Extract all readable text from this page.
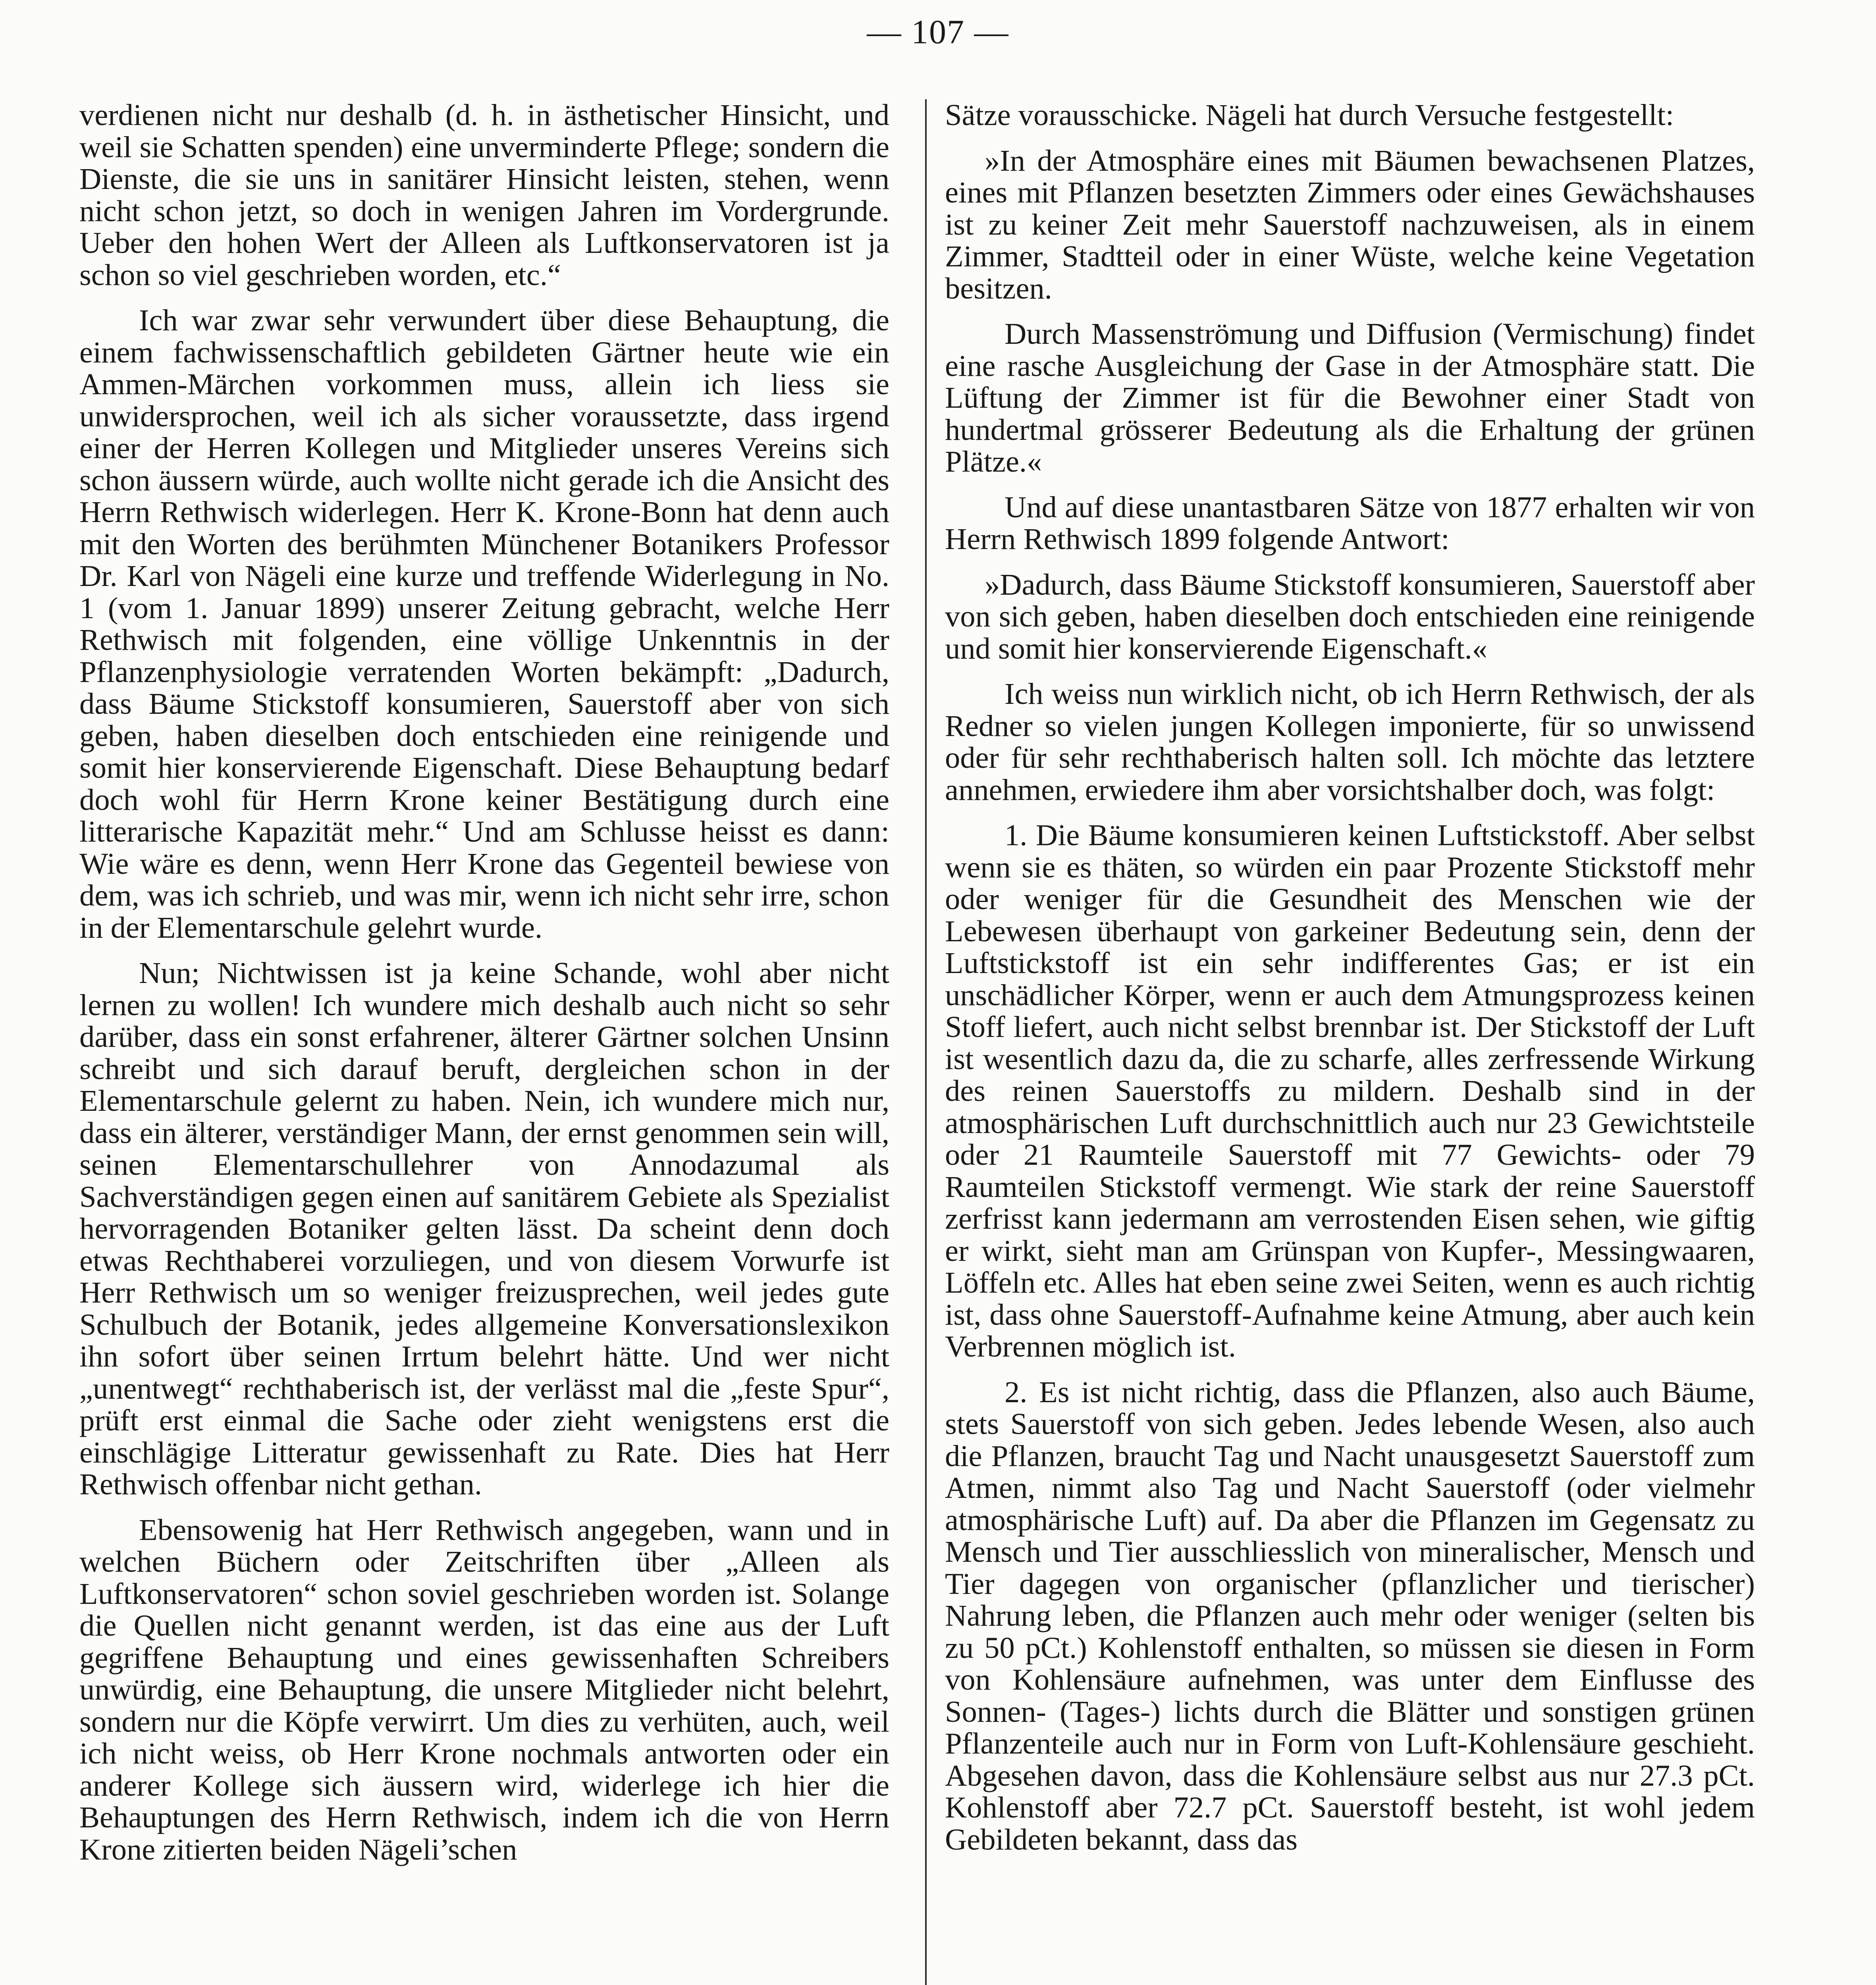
— 107 —

verdienen nicht nur deshalb (d. h. in ästhetischer Hinsicht, und weil sie Schatten spenden) eine unverminderte Pflege; sondern die Dienste, die sie uns in sanitärer Hinsicht leisten, stehen, wenn nicht schon jetzt, so doch in wenigen Jahren im Vordergrunde. Ueber den hohen Wert der Alleen als Luftkonservatoren ist ja schon so viel geschrieben worden, etc.“

Ich war zwar sehr verwundert über diese Behauptung, die einem fachwissenschaftlich gebildeten Gärtner heute wie ein Ammen-Märchen vorkommen muss, allein ich liess sie unwidersprochen, weil ich als sicher voraussetzte, dass irgend einer der Herren Kollegen und Mitglieder unseres Vereins sich schon äussern würde, auch wollte nicht gerade ich die Ansicht des Herrn Rethwisch widerlegen. Herr K. Krone-Bonn hat denn auch mit den Worten des berühmten Münchener Botanikers Professor Dr. Karl von Nägeli eine kurze und treffende Widerlegung in No. 1 (vom 1. Januar 1899) unserer Zeitung gebracht, welche Herr Rethwisch mit folgenden, eine völlige Unkenntnis in der Pflanzenphysiologie verratenden Worten bekämpft: „Dadurch, dass Bäume Stickstoff konsumieren, Sauerstoff aber von sich geben, haben dieselben doch entschieden eine reinigende und somit hier konservierende Eigenschaft. Diese Behauptung bedarf doch wohl für Herrn Krone keiner Bestätigung durch eine litterarische Kapazität mehr.“ Und am Schlusse heisst es dann: Wie wäre es denn, wenn Herr Krone das Gegenteil bewiese von dem, was ich schrieb, und was mir, wenn ich nicht sehr irre, schon in der Elementarschule gelehrt wurde.

Nun; Nichtwissen ist ja keine Schande, wohl aber nicht lernen zu wollen! Ich wundere mich deshalb auch nicht so sehr darüber, dass ein sonst erfahrener, älterer Gärtner solchen Unsinn schreibt und sich darauf beruft, dergleichen schon in der Elementarschule gelernt zu haben. Nein, ich wundere mich nur, dass ein älterer, verständiger Mann, der ernst genommen sein will, seinen Elementarschullehrer von Annodazumal als Sachverständigen gegen einen auf sanitärem Gebiete als Spezialist hervorragenden Botaniker gelten lässt. Da scheint denn doch etwas Rechthaberei vorzuliegen, und von diesem Vorwurfe ist Herr Rethwisch um so weniger freizusprechen, weil jedes gute Schulbuch der Botanik, jedes allgemeine Konversationslexikon ihn sofort über seinen Irrtum belehrt hätte. Und wer nicht „unentwegt“ rechthaberisch ist, der verlässt mal die „feste Spur“, prüft erst einmal die Sache oder zieht wenigstens erst die einschlägige Litteratur gewissenhaft zu Rate. Dies hat Herr Rethwisch offenbar nicht gethan.

Ebensowenig hat Herr Rethwisch angegeben, wann und in welchen Büchern oder Zeitschriften über „Alleen als Luftkonservatoren“ schon soviel geschrieben worden ist. Solange die Quellen nicht genannt werden, ist das eine aus der Luft gegriffene Behauptung und eines gewissenhaften Schreibers unwürdig, eine Behauptung, die unsere Mitglieder nicht belehrt, sondern nur die Köpfe verwirrt. Um dies zu verhüten, auch, weil ich nicht weiss, ob Herr Krone nochmals antworten oder ein anderer Kollege sich äussern wird, widerlege ich hier die Behauptungen des Herrn Rethwisch, indem ich die von Herrn Krone zitierten beiden Nägeli’schen

Sätze vorausschicke. Nägeli hat durch Versuche festgestellt:

»In der Atmosphäre eines mit Bäumen bewachsenen Platzes, eines mit Pflanzen besetzten Zimmers oder eines Gewächshauses ist zu keiner Zeit mehr Sauerstoff nachzuweisen, als in einem Zimmer, Stadtteil oder in einer Wüste, welche keine Vegetation besitzen.

Durch Massenströmung und Diffusion (Vermischung) findet eine rasche Ausgleichung der Gase in der Atmosphäre statt. Die Lüftung der Zimmer ist für die Bewohner einer Stadt von hundertmal grösserer Bedeutung als die Erhaltung der grünen Plätze.«

Und auf diese unantastbaren Sätze von 1877 erhalten wir von Herrn Rethwisch 1899 folgende Antwort:

»Dadurch, dass Bäume Stickstoff konsumieren, Sauerstoff aber von sich geben, haben dieselben doch entschieden eine reinigende und somit hier konservierende Eigenschaft.«

Ich weiss nun wirklich nicht, ob ich Herrn Rethwisch, der als Redner so vielen jungen Kollegen imponierte, für so unwissend oder für sehr rechthaberisch halten soll. Ich möchte das letztere annehmen, erwiedere ihm aber vorsichtshalber doch, was folgt:

1. Die Bäume konsumieren keinen Luftstickstoff. Aber selbst wenn sie es thäten, so würden ein paar Prozente Stickstoff mehr oder weniger für die Gesundheit des Menschen wie der Lebewesen überhaupt von garkeiner Bedeutung sein, denn der Luftstickstoff ist ein sehr indifferentes Gas; er ist ein unschädlicher Körper, wenn er auch dem Atmungsprozess keinen Stoff liefert, auch nicht selbst brennbar ist. Der Stickstoff der Luft ist wesentlich dazu da, die zu scharfe, alles zerfressende Wirkung des reinen Sauerstoffs zu mildern. Deshalb sind in der atmosphärischen Luft durchschnittlich auch nur 23 Gewichtsteile oder 21 Raumteile Sauerstoff mit 77 Gewichts- oder 79 Raumteilen Stickstoff vermengt. Wie stark der reine Sauerstoff zerfrisst kann jedermann am verrostenden Eisen sehen, wie giftig er wirkt, sieht man am Grünspan von Kupfer-, Messingwaaren, Löffeln etc. Alles hat eben seine zwei Seiten, wenn es auch richtig ist, dass ohne Sauerstoff-Aufnahme keine Atmung, aber auch kein Verbrennen möglich ist.

2. Es ist nicht richtig, dass die Pflanzen, also auch Bäume, stets Sauerstoff von sich geben. Jedes lebende Wesen, also auch die Pflanzen, braucht Tag und Nacht unausgesetzt Sauerstoff zum Atmen, nimmt also Tag und Nacht Sauerstoff (oder vielmehr atmosphärische Luft) auf. Da aber die Pflanzen im Gegensatz zu Mensch und Tier ausschliesslich von mineralischer, Mensch und Tier dagegen von organischer (pflanzlicher und tierischer) Nahrung leben, die Pflanzen auch mehr oder weniger (selten bis zu 50 pCt.) Kohlenstoff enthalten, so müssen sie diesen in Form von Kohlensäure aufnehmen, was unter dem Einflusse des Sonnen- (Tages-) lichts durch die Blätter und sonstigen grünen Pflanzenteile auch nur in Form von Luft-Kohlensäure geschieht. Abgesehen davon, dass die Kohlensäure selbst aus nur 27.3 pCt. Kohlenstoff aber 72.7 pCt. Sauerstoff besteht, ist wohl jedem Gebildeten bekannt, dass das
